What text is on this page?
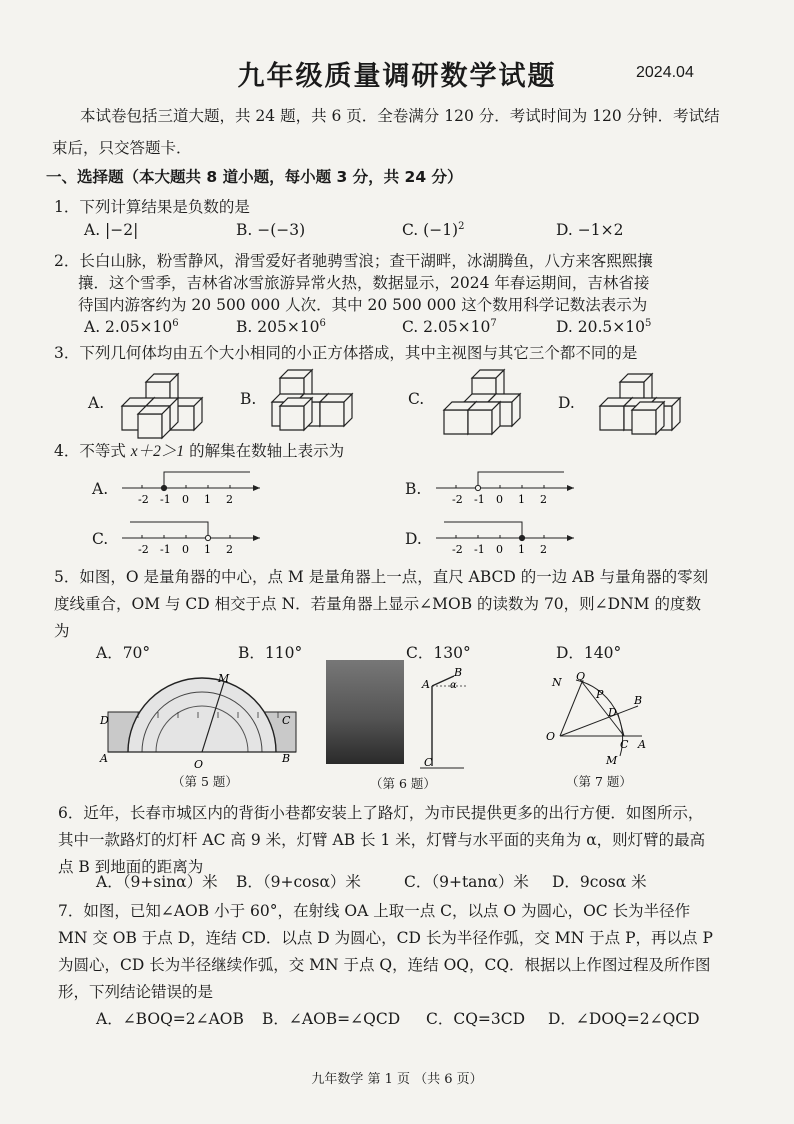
九年级质量调研数学试题	2024.04
本试卷包括三道大题，共 24 题，共 6 页．全卷满分 120 分．考试时间为 120 分钟．考试结束后，只交答题卡．
一、选择题（本大题共 8 道小题，每小题 3 分，共 24 分）
1．下列计算结果是负数的是
A. |−2|	B. −(−3)	C. $(-1)^2$	D. −1×2
2．长白山脉，粉雪静风，滑雪爱好者驰骋雪浪；查干湖畔，冰湖腾鱼，八方来客熙熙攘
攘．这个雪季，吉林省冰雪旅游异常火热，数据显示，2024 年春运期间，吉林省接
待国内游客约为 20 500 000 人次．其中 20 500 000 这个数用科学记数法表示为
A. $2.05\times 10^6$	B. $205\times 10^6$	C. $2.05\times 10^7$	D. $20.5\times 10^5$
3．下列几何体均由五个大小相同的小正方体搭成，其中主视图与其它三个都不同的是
A.	B.	C.	D.
4．不等式 x＋2＞1 的解集在数轴上表示为
A.	B.
C.	D.
-2 -1 0 1 2	-2 -1 0 1 2
-2 -1 0 1 2	-2 -1 0 1 2
5．如图，O 是量角器的中心，点 M 是量角器上一点，直尺 ABCD 的一边 AB 与量角器的零刻度线重合，OM 与 CD 相交于点 N．若量角器上显示∠MOB 的读数为 70，则∠DNM 的度数为
A．70°	B．110°	C．130°	D．140°
M
D	C
A	B
O
（第 5 题）
B
A α
C
（第 6 题）
N Q
P
D
B
O
C A
M
（第 7 题）
6．近年，长春市城区内的背街小巷都安装上了路灯，为市民提供更多的出行方便．如图所示，其中一款路灯的灯杆 AC 高 9 米，灯臂 AB 长 1 米，灯臂与水平面的夹角为 α，则灯臂的最高点 B 到地面的距离为
A．（9+sinα）米 B．（9+cosα）米	C．（9+tanα）米 D．9cosα 米
7．如图，已知∠AOB 小于 60°，在射线 OA 上取一点 C，以点 O 为圆心，OC 长为半径作 MN 交 OB 于点 D，连结 CD．以点 D 为圆心，CD 长为半径作弧，交 MN 于点 P，再以点 P 为圆心，CD 长为半径继续作弧，交 MN 于点 Q，连结 OQ，CQ．根据以上作图过程及所作图形，下列结论错误的是
A．∠BOQ=2∠AOB B．∠AOB=∠QCD C．CQ=3CD D．∠DOQ=2∠QCD
九年数学 第 1 页 （共 6 页）
